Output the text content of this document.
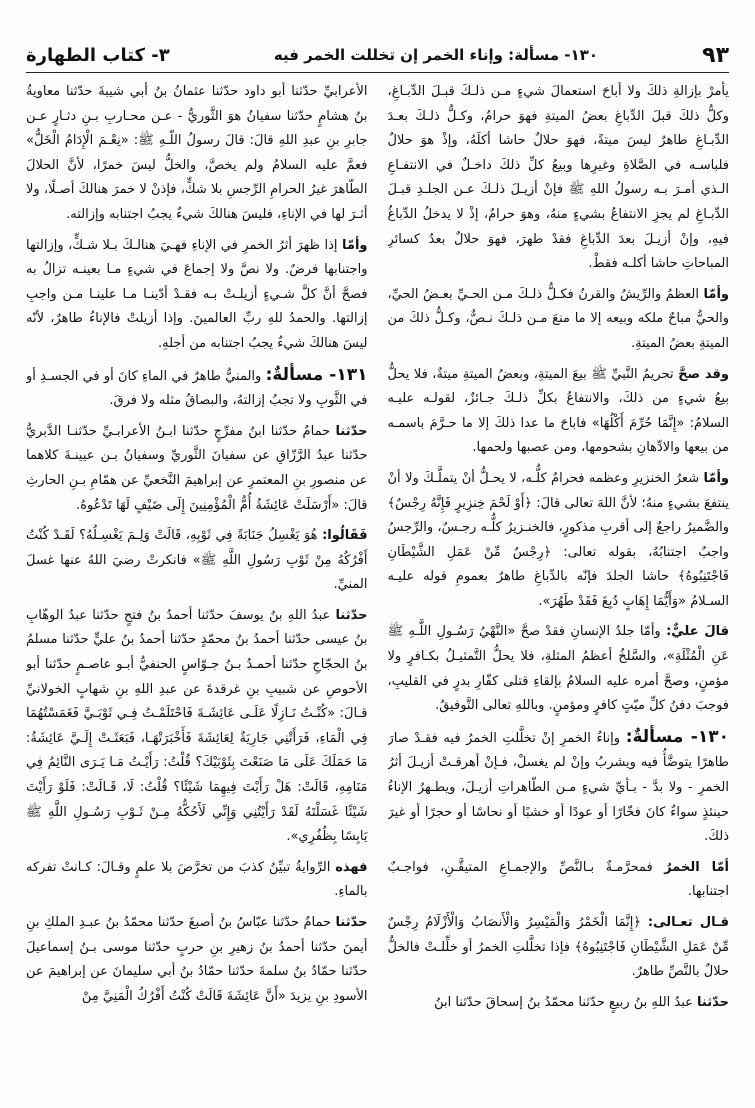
٣- كتاب الطهارة	١٣٠- مسألة: وإناء الخمر إن تخللت الخمر فيه	٩٣

يأمرْ بإزالةِ ذلكَ ولا أباحَ استعمالَ شيءٍ مـن ذلـكَ قبـلَ الدِّبـاغِ، وكلُّ ذلكَ قبلَ الدِّباغِ بعضُ الميتةِ فهوَ حرامٌ، وكـلُّ ذلـكَ بعـدَ الدِّبـاغِ طاهرٌ ليسَ ميتةً، فهوَ حلالٌ حاشا أكلَهُ، وإذْ هوَ حلالٌ فلباسـه في الصَّلاةِ وغيرِها وبيعُ كلِّ ذلكَ داخـلٌ في الانتفـاعِ الـذي أمـرَ بـه رسولُ اللهِ ﷺ فإنْ أزيـلَ ذلـكَ عـن الجلـدِ قبـلَ الدِّبـاغِ لم يجزِ الانتفاعُ بشيءٍ منهُ، وهوَ حرامٌ، إذْ لا يدخلُ الدِّباغُ فيهِ، وإنْ أزيـلَ بعدَ الدِّباغِ فقدْ طهرَ، فهوَ حلالٌ بعدُ كسائرِ المباحاتِ حاشا أكلـه فقطْ.

وأمّا العظمُ والرِّيشُ والقرنُ فكـلُّ ذلـكَ مـن الحـيِّ بعـضُ الحيِّ، والحيُّ مباحٌ ملكه وبيعه إلا ما منعَ مـن ذلـكَ نـصٌّ، وكـلُّ ذلكَ من الميتةِ بعضُ الميتةِ.

وقد صحَّ تحريمُ النَّبيِّ ﷺ بيعَ الميتةِ، وبعضُ الميتةِ ميتةٌ، فلا يحلُّ بيعُ شيءٍ من ذلكَ، والانتفاعُ بكلِّ ذلـكَ جـائزٌ، لقولـه عليـه السلامُ: «إِنَّمَا حُرِّمَ أَكْلُهَا» فاباحَ ما عدا ذلكَ إلا ما حـرَّمَ باسمـه من بيعها والادِّهانِ بشحومها، ومن عصبها ولحمها.

وأمّا شعرُ الخنزيرِ وعظمه فحرامٌ كلُّـه، لا يحـلُّ أنْ يتملَّـكَ ولا أنْ ينتفعَ بشيءٍ منهُ؛ لأنَّ اللهَ تعالى قالَ: ﴿أَوْ لَحْمَ خِنزِيرٍ فَإِنَّهُ رِجْسٌ﴾ والضَّميرُ راجعٌ إلى أقربِ مذكورٍ، فالخنـزيرُ كلُّـه رجـسٌ، والرِّجسُ واجبٌ اجتنابُهُ، بقوله تعالى: ﴿رِجْسٌ مِّنْ عَمَلِ الشَّيْطَانِ فَاجْتَنِبُوهُ﴾ حاشا الجلدَ فإنّه بالدِّباغِ طاهرٌ بعمومِ قوله عليـه السـلامُ «وَأَيُّمَا إِهَابٍ دُبِغَ فَقَدْ طَهُرَ».

قالَ عليٌّ: وأمّا جلدُ الإنسانِ فقدْ صحَّ «النَّهْيُ رَسُـولِ اللَّـهِ ﷺ عَنِ الْمُثْلَةِ»، والسَّلخُ أعظمُ المثلةِ، فلا يحلُّ التَّمثيـلُ بكـافرٍ ولا مؤمنٍ، وصحَّ أمره عليه السلامُ بإلقاءِ قتلى كفّارِ بدرٍ في القليبِ، فوجبَ دفنُ كلِّ ميّتٍ كافرٍ ومؤمنٍ. وباللهِ تعالى التَّوفيقُ.

١٣٠- مسألةٌ: وإناءُ الخمرِ إنْ تخلَّلتِ الخمرُ فيه فقـدْ صارَ طاهرًا يتوضَّأُ فيه ويشربُ وإنْ لم يغسلْ، فـإنْ أهرقـتْ أزيـلَ أثرُ الخمرِ - ولا بدَّ - بـأيِّ شيءٍ مـن الطّاهراتِ أزيـلَ، ويطـهرُ الإناءُ حينئذٍ سواءٌ كانَ فخّارًا أو عودًا أو خشبًا أو نحاسًا أو حجرًا أو غيرَ ذلكَ.

أمّا الخمرُ فمحرَّمـةٌ بـالنَّصِّ والإجمـاعِ المتيقَّـنِ، فواجـبٌ اجتنابها.

قـال تعـالى: ﴿إِنَّمَا الْخَمْرُ وَالْمَيْسِرُ وَالْأَنصَابُ وَالْأَزْلَامُ رِجْسٌ مِّنْ عَمَلِ الشَّيْطَانِ فَاجْتَنِبُوهُ﴾ فإذا تخلَّلتِ الخمرُ أو خلِّلـتْ فالخلُّ حلالٌ بالنَّصِّ طاهرٌ.

حدّثنا عبدُ اللهِ بنُ ربيعٍ حدّثنا محمّدُ بنُ إسحاقَ حدّثنا ابنُ

الأعرابيِّ حدّثنا أبو داود حدّثنا عثمانُ بنُ أبي شيبةَ حدّثنا معاويةُ بنُ هشامٍ حدّثنا سفيانُ هوَ الثَّوريُّ - عـن محـاربِ بـنِ دثـارٍ عـن جابرِ بنِ عبدِ اللهِ قالَ: قالَ رسولُ اللّـهِ ﷺ: «نِعْـمَ الْإِدَامُ الْخَلُّ» فعمَّ عليه السلامُ ولم يخصَّ، والخلُّ ليسَ خمرًا، لأنَّ الحلالَ الطّاهرَ غيرُ الحرامِ الرِّجسِ بلا شكٍّ، فإذنْ لا خمرَ هنالكَ أصـلًا، ولا أثـرَ لها في الإناءِ، فليسَ هنالكَ شيءٌ يجبُ اجتنابه وإزالته.

وأمّا إذا ظهرَ أثرُ الخمرِ في الإناءِ فهـيَ هنالـكَ بـلا شـكٍّ، وإزالتها واجتنابها فرضٌ. ولا نصَّ ولا إجماعَ في شيءٍ مـا بعينـه تزالُ به فصحَّ أنَّ كلَّ شـيءٍ أزيلـتْ بـه فقـدْ أدّينـا مـا علينـا مـن واجبِ إزالتها. والحمدُ للهِ ربِّ العالمينَ. وإذا أزيلتْ فالإناءُ طاهرٌ، لأنّه ليسَ هنالكَ شيءٌ يجبُ اجتنابه من أجلهِ.

١٣١- مسألةٌ: والمنيُّ طاهرٌ في الماءِ كانَ أو في الجسـدِ أو في الثَّوبِ ولا تجبُ إزالتهُ، والبصاقُ مثله ولا فرقَ.

حدّثنا حمامٌ حدّثنا ابنُ مفرِّجٍ حدّثنا ابـنُ الأعرابـيِّ حدّثنـا الدَّبريُّ حدّثنا عبدُ الرَّزّاقِ عن سفيانَ الثَّوريِّ وسفيانُ بـن عيينـةَ كلاهما عن منصورِ بنِ المعتمرِ عن إبراهيمَ النَّخعيِّ عن همّامِ بـنِ الحارثِ قالَ: «أَرْسَلَتْ عَائِشَةُ أُمُّ الْمُؤْمِنِينَ إِلَى ضَيْفٍ لَهَا تَدْعُوهُ.

فَقَالُوا: هُوَ يَغْسِلُ جَنَابَةً فِي ثَوْبِهِ، قَالَتْ وَلِـمَ يَغْسِـلُهُ؟ لَقَـدْ كُنْتُ أَفْرُكُهُ مِنْ ثَوْبِ رَسُولِ اللَّهِ ﷺ» فانكرتْ رضيَ اللهُ عنها غسلَ المنيِّ.

حدّثنا عبدُ اللهِ بنُ يوسفَ حدّثنا أحمدُ بنُ فتحٍ حدّثنا عبدُ الوهّابِ بنُ عيسى حدّثنا أحمدُ بنُ محمّدٍ حدّثنا أحمدُ بنُ عليٍّ حدّثنا مسلمُ بنُ الحجّاجِ حدّثنا أحمـدُ بـنُ جـوّاسٍ الحنفيُّ أبـو عاصـمٍ حدّثنا أبو الأحوصِ عن شبيبِ بنِ غرقدةَ عن عبدِ اللهِ بنِ شهابٍ الخولانيِّ قـالَ: «كُنْـتُ نَـازِلًا عَلَـى عَائِشَـةَ فَاحْتَلَمْـتُ فِـي ثَوْبَـيَّ فَغَمَسْتُهُمَا فِي الْمَاءِ، فَرَأَتْنِي جَارِيَةٌ لِعَائِشَةَ فَأَخْبَرَتْهَـا، فَبَعَثَـتْ إِلَـيَّ عَائِشَةُ: مَا حَمَلَكَ عَلَى مَا صَنَعْتَ بِثَوْبَيْكَ؟ قُلْتُ: رَأَيْـتُ مَـا يَـرَى النَّائِمُ فِي مَنَامِهِ، قَالَتْ: هَلْ رَأَيْتَ فِيهِمَا شَيْئًا؟ قُلْتُ: لَا، قَـالَتْ: فَلَوْ رَأَيْتَ شَيْئًا غَسَلْتَهُ لَقَدْ رَأَيْتُنِي وَإِنِّي لَأَحُكُّهُ مِـنْ ثَـوْبِ رَسُـولِ اللَّهِ ﷺ يَابِسًا بِظُفُرِي».

فهذه الرِّوايةُ تبيِّنُ كذبَ من تخرَّصَ بلا علمٍ وقـالَ: كـانتْ تفركه بالماءِ.

حدّثنا حمامٌ حدّثنا عبّاسُ بنُ أصبغَ حدّثنا محمّدُ بنُ عبـدِ الملكِ بنِ أيمنَ حدّثنا أحمدُ بنُ زهيرِ بنِ حربٍ حدّثنا موسى بـنُ إسماعيلَ حدّثنا حمّادُ بنُ سلمةَ حدّثنا حمّادُ بنُ أبي سليمانَ عن إبراهيمَ عن الأسودِ بنِ يزيدَ «أَنَّ عَائِشَةَ قَالَتْ كُنْتُ أَفْرُكُ الْمَنِيَّ مِنْ
